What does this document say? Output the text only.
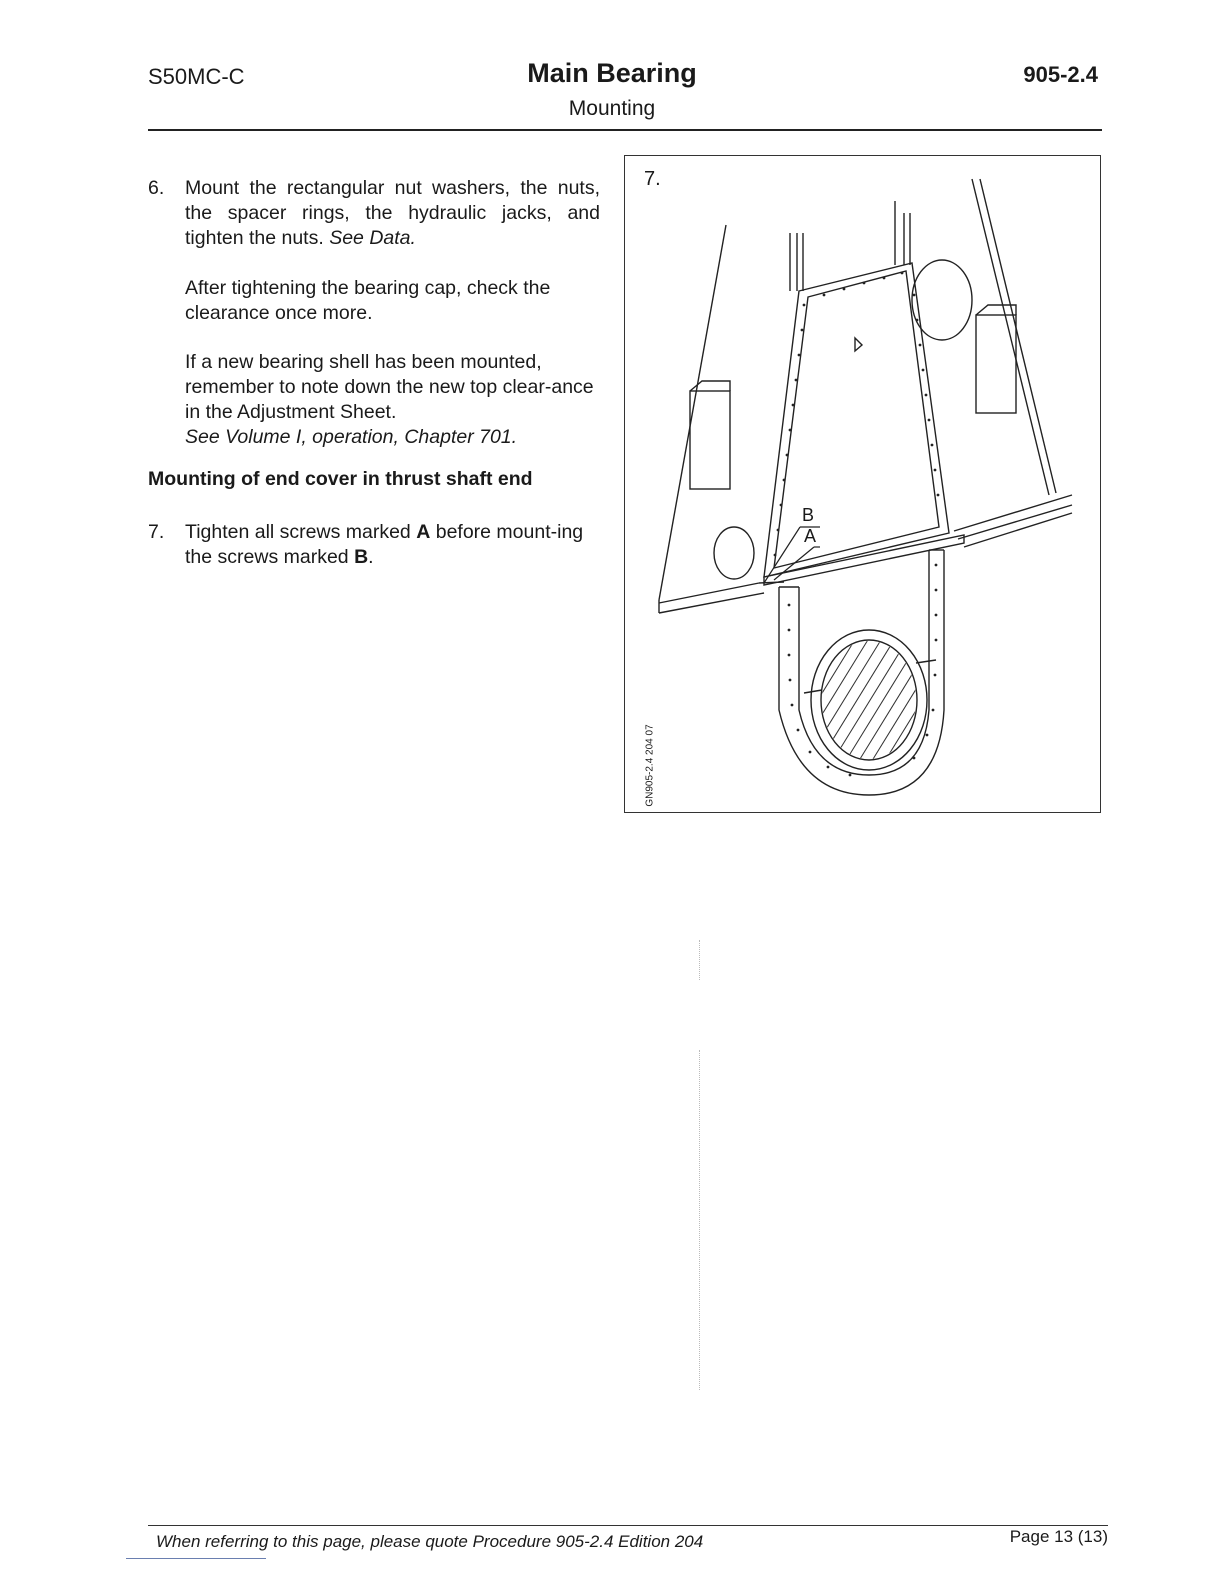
S50MC-C	Main Bearing
Mounting
905-2.4
6. Mount the rectangular nut washers, the nuts, the spacer rings, the hydraulic jacks, and tighten the nuts. See Data.
After tightening the bearing cap, check the clearance once more.
If a new bearing shell has been mounted, remember to note down the new top clear-ance in the Adjustment Sheet.
See Volume I, operation, Chapter 701.
Mounting of end cover in thrust shaft end
7. Tighten all screws marked A before mount-ing the screws marked B.
7.
B
A
GN905-2.4 204 07
When referring to this page, please quote Procedure 905-2.4 Edition 204	Page 13 (13)
